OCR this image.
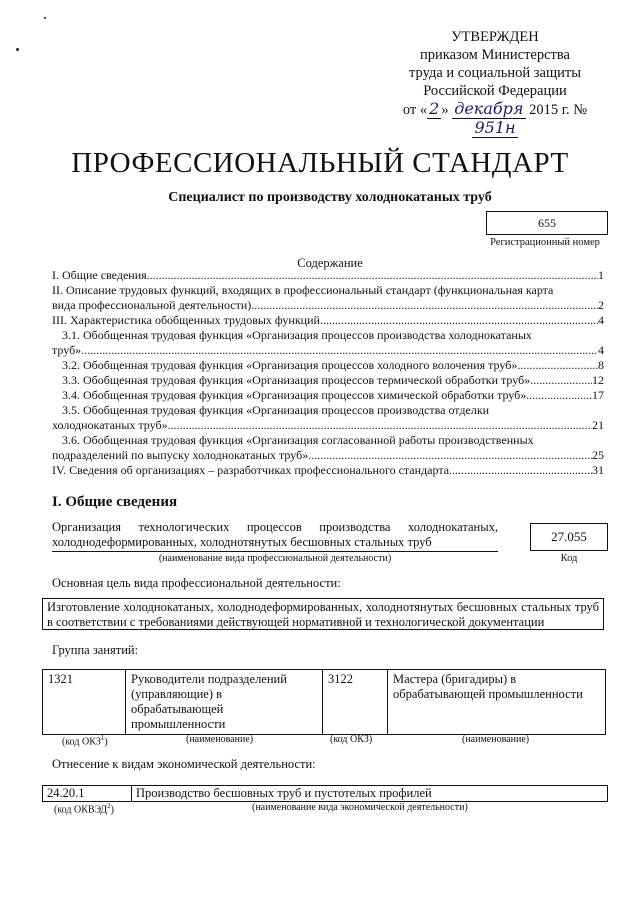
УТВЕРЖДЕН
приказом Министерства
труда и социальной защиты
Российской Федерации
от « 2 » декабря 2015 г. № 951н
ПРОФЕССИОНАЛЬНЫЙ СТАНДАРТ
Специалист по производству холоднокатаных труб
655
Регистрационный номер
Содержание
I. Общие сведения .....	1
II. Описание трудовых функций, входящих в профессиональный стандарт (функциональная карта
вида профессиональной деятельности) .....	2
III. Характеристика обобщенных трудовых функций .....	4
3.1. Обобщенная трудовая функция «Организация процессов производства холоднокатаных
труб» .....	4
3.2. Обобщенная трудовая функция «Организация процессов холодного волочения труб» .....	8
3.3. Обобщенная трудовая функция «Организация процессов термической обработки труб» .....	12
3.4. Обобщенная трудовая функция «Организация процессов химической обработки труб» .....	17
3.5. Обобщенная трудовая функция «Организация процессов производства отделки
холоднокатаных труб» .....	21
3.6. Обобщенная трудовая функция «Организация согласованной работы производственных
подразделений по выпуску холоднокатаных труб» .....	25
IV. Сведения об организациях – разработчиках профессионального стандарта .....	31
I. Общие сведения
Организация технологических процессов производства холоднокатаных, холоднодеформированных, холоднотянутых бесшовных стальных труб
(наименование вида профессиональной деятельности)
27.055
Код
Основная цель вида профессиональной деятельности:
Изготовление холоднокатаных, холоднодеформированных, холоднотянутых бесшовных стальных труб в соответствии с требованиями действующей нормативной и технологической документации
Группа занятий:
1321	Руководители подразделений (управляющие) в обрабатывающей промышленности	3122	Мастера (бригадиры) в обрабатывающей промышленности
(код ОКЗ$^1$)	(наименование)	(код ОКЗ)	(наименование)
Отнесение к видам экономической деятельности:
24.20.1	Производство бесшовных труб и пустотелых профилей
(код ОКВЭД$^2$)	(наименование вида экономической деятельности)
